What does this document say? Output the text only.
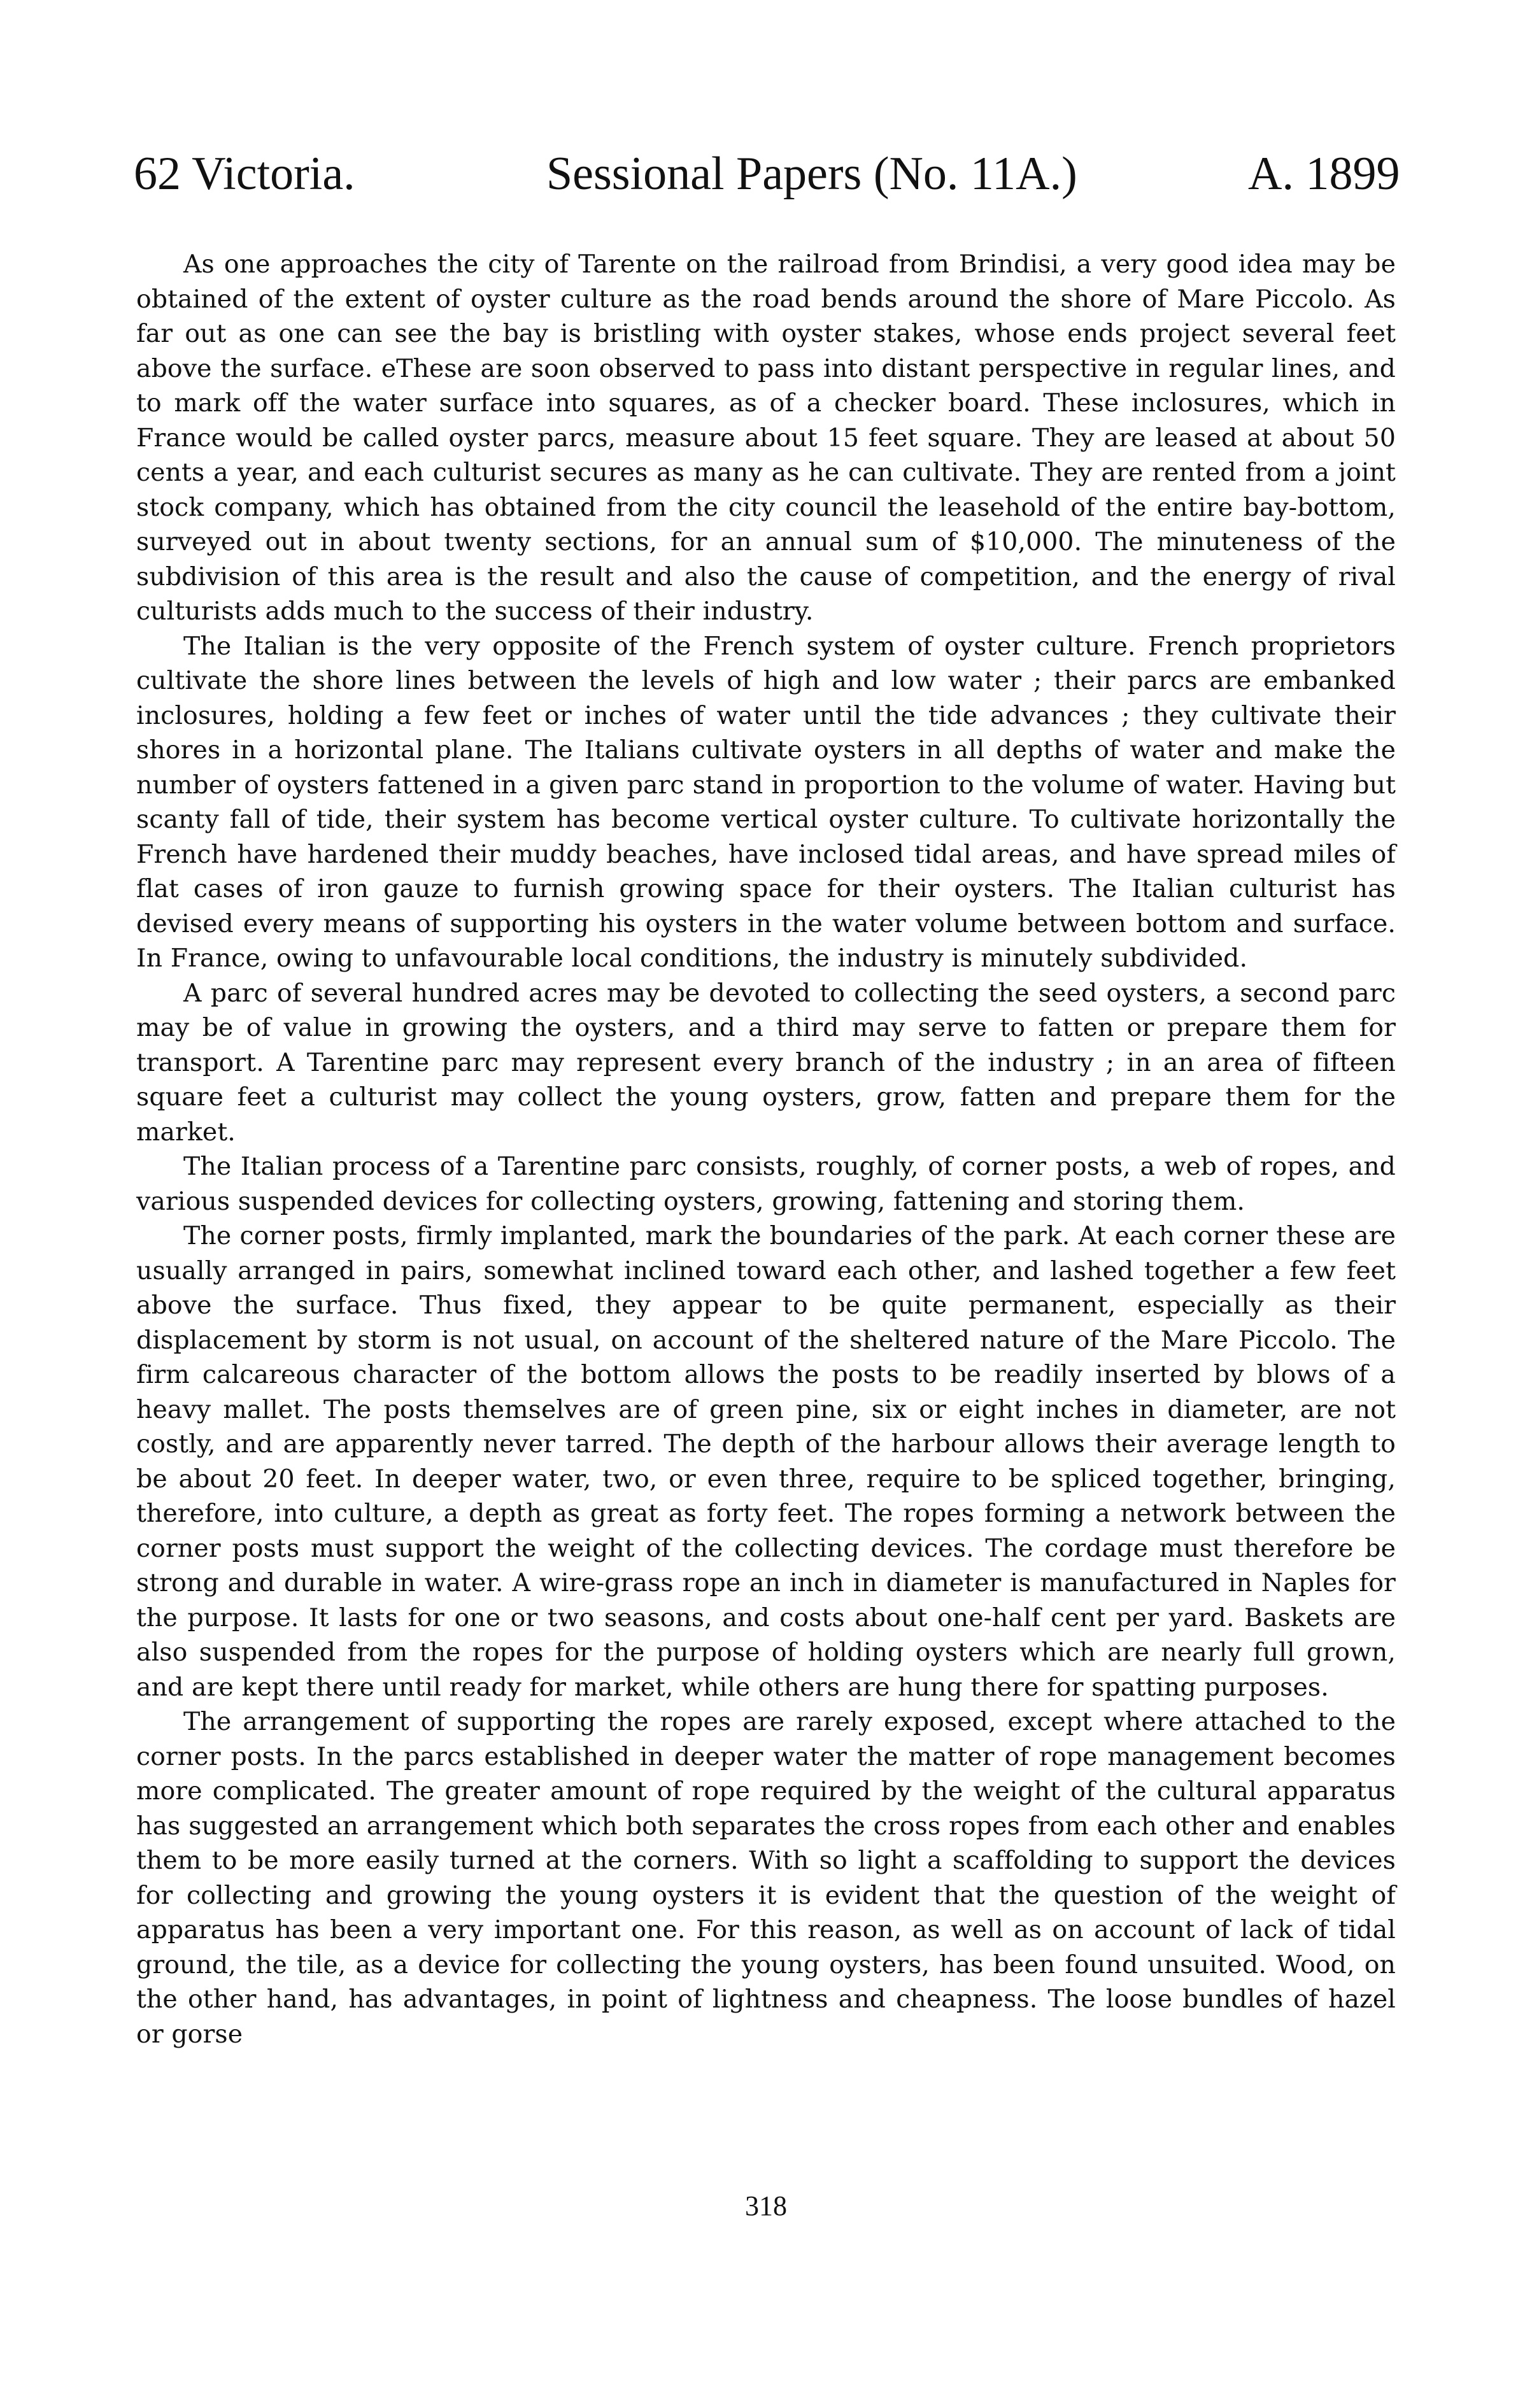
62 Victoria.	Sessional Papers (No. 11A.)	A. 1899

As one approaches the city of Tarente on the railroad from Brindisi, a very good idea may be obtained of the extent of oyster culture as the road bends around the shore of Mare Piccolo. As far out as one can see the bay is bristling with oyster stakes, whose ends project several feet above the surface. eThese are soon observed to pass into distant perspective in regular lines, and to mark off the water surface into squares, as of a checker board. These inclosures, which in France would be called oyster parcs, measure about 15 feet square. They are leased at about 50 cents a year, and each culturist secures as many as he can cultivate. They are rented from a joint stock company, which has obtained from the city council the leasehold of the entire bay-bottom, surveyed out in about twenty sections, for an annual sum of $10,000. The minuteness of the subdivision of this area is the result and also the cause of competition, and the energy of rival culturists adds much to the success of their industry.

The Italian is the very opposite of the French system of oyster culture. French proprietors cultivate the shore lines between the levels of high and low water ; their parcs are embanked inclosures, holding a few feet or inches of water until the tide advances ; they cultivate their shores in a horizontal plane. The Italians cultivate oysters in all depths of water and make the number of oysters fattened in a given parc stand in proportion to the volume of water. Having but scanty fall of tide, their system has become vertical oyster culture. To cultivate horizontally the French have hardened their muddy beaches, have inclosed tidal areas, and have spread miles of flat cases of iron gauze to furnish growing space for their oysters. The Italian culturist has devised every means of supporting his oysters in the water volume between bottom and surface. In France, owing to unfavourable local conditions, the industry is minutely subdivided.

A parc of several hundred acres may be devoted to collecting the seed oysters, a second parc may be of value in growing the oysters, and a third may serve to fatten or prepare them for transport. A Tarentine parc may represent every branch of the industry ; in an area of fifteen square feet a culturist may collect the young oysters, grow, fatten and prepare them for the market.

The Italian process of a Tarentine parc consists, roughly, of corner posts, a web of ropes, and various suspended devices for collecting oysters, growing, fattening and storing them.

The corner posts, firmly implanted, mark the boundaries of the park. At each corner these are usually arranged in pairs, somewhat inclined toward each other, and lashed together a few feet above the surface. Thus fixed, they appear to be quite permanent, especially as their displacement by storm is not usual, on account of the sheltered nature of the Mare Piccolo. The firm calcareous character of the bottom allows the posts to be readily inserted by blows of a heavy mallet. The posts themselves are of green pine, six or eight inches in diameter, are not costly, and are apparently never tarred. The depth of the harbour allows their average length to be about 20 feet. In deeper water, two, or even three, require to be spliced together, bringing, therefore, into culture, a depth as great as forty feet. The ropes forming a network between the corner posts must support the weight of the collecting devices. The cordage must therefore be strong and durable in water. A wire-grass rope an inch in diameter is manufactured in Naples for the purpose. It lasts for one or two seasons, and costs about one-half cent per yard. Baskets are also suspended from the ropes for the purpose of holding oysters which are nearly full grown, and are kept there until ready for market, while others are hung there for spatting purposes.

The arrangement of supporting the ropes are rarely exposed, except where attached to the corner posts. In the parcs established in deeper water the matter of rope management becomes more complicated. The greater amount of rope required by the weight of the cultural apparatus has suggested an arrangement which both separates the cross ropes from each other and enables them to be more easily turned at the corners. With so light a scaffolding to support the devices for collecting and growing the young oysters it is evident that the question of the weight of apparatus has been a very important one. For this reason, as well as on account of lack of tidal ground, the tile, as a device for collecting the young oysters, has been found unsuited. Wood, on the other hand, has advantages, in point of lightness and cheapness. The loose bundles of hazel or gorse

318
